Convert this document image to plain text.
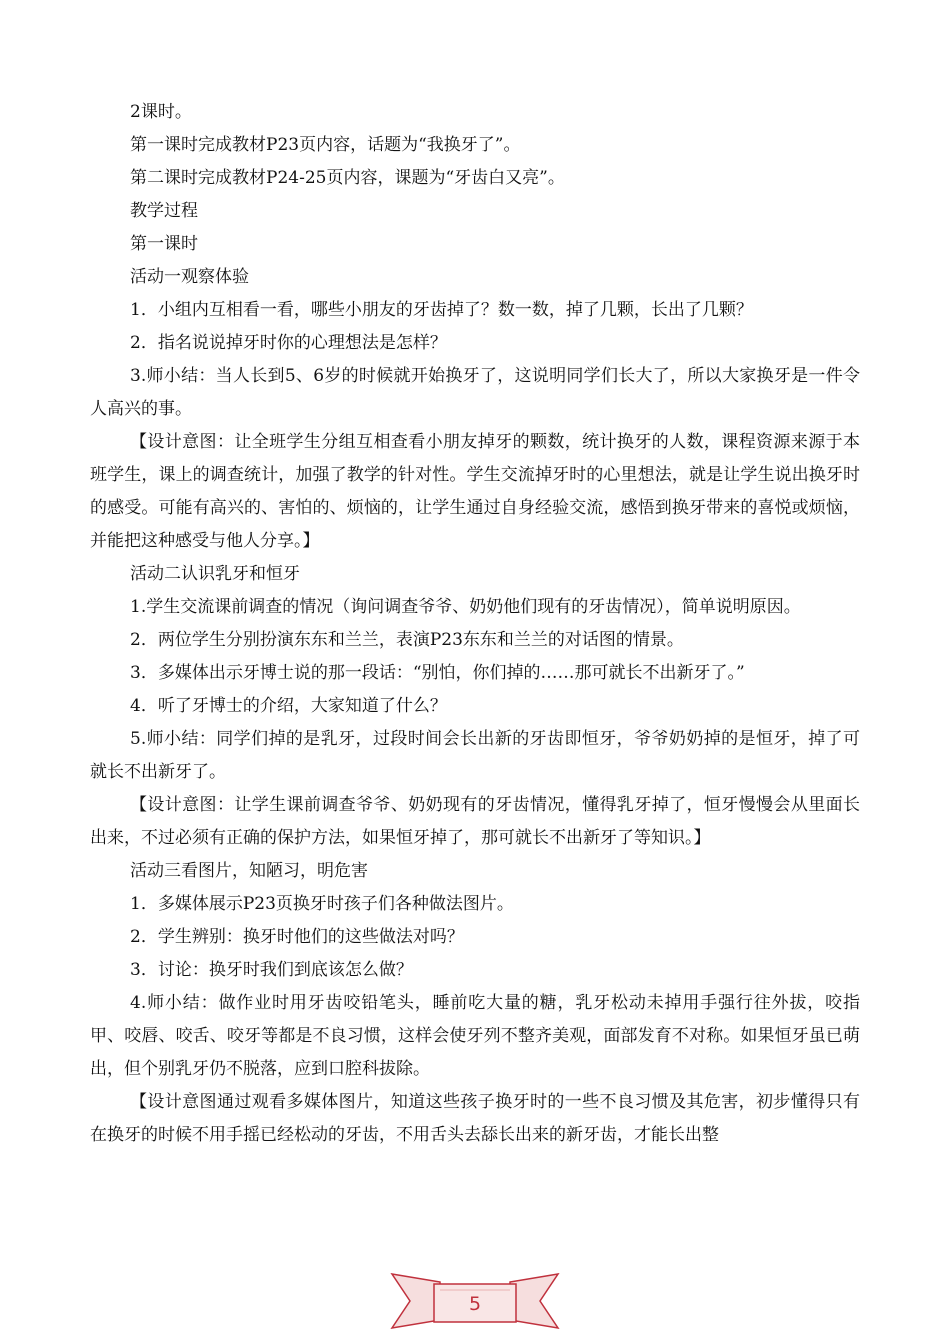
2课时。

第一课时完成教材P23页内容，话题为“我换牙了”。

第二课时完成教材P24-25页内容，课题为“牙齿白又亮”。

教学过程

第一课时

活动一观察体验

1．小组内互相看一看，哪些小朋友的牙齿掉了？数一数，掉了几颗，长出了几颗？

2．指名说说掉牙时你的心理想法是怎样？

3.师小结：当人长到5、6岁的时候就开始换牙了，这说明同学们长大了，所以大家换牙是一件令人高兴的事。

【设计意图：让全班学生分组互相查看小朋友掉牙的颗数，统计换牙的人数，课程资源来源于本班学生，课上的调查统计，加强了教学的针对性。学生交流掉牙时的心里想法，就是让学生说出换牙时的感受。可能有高兴的、害怕的、烦恼的，让学生通过自身经验交流，感悟到换牙带来的喜悦或烦恼，并能把这种感受与他人分享。】

活动二认识乳牙和恒牙

1.学生交流课前调查的情况（询问调查爷爷、奶奶他们现有的牙齿情况），简单说明原因。

2．两位学生分别扮演东东和兰兰，表演P23东东和兰兰的对话图的情景。

3．多媒体出示牙博士说的那一段话：“别怕，你们掉的……那可就长不出新牙了。”

4．听了牙博士的介绍，大家知道了什么？

5.师小结：同学们掉的是乳牙，过段时间会长出新的牙齿即恒牙，爷爷奶奶掉的是恒牙，掉了可就长不出新牙了。

【设计意图：让学生课前调查爷爷、奶奶现有的牙齿情况，懂得乳牙掉了，恒牙慢慢会从里面长出来，不过必须有正确的保护方法，如果恒牙掉了，那可就长不出新牙了等知识。】

活动三看图片，知陋习，明危害

1．多媒体展示P23页换牙时孩子们各种做法图片。

2．学生辨别：换牙时他们的这些做法对吗？

3．讨论：换牙时我们到底该怎么做？

4.师小结：做作业时用牙齿咬铅笔头，睡前吃大量的糖，乳牙松动未掉用手强行往外拔，咬指甲、咬唇、咬舌、咬牙等都是不良习惯，这样会使牙列不整齐美观，面部发育不对称。如果恒牙虽已萌出，但个别乳牙仍不脱落，应到口腔科拔除。

【设计意图通过观看多媒体图片，知道这些孩子换牙时的一些不良习惯及其危害，初步懂得只有在换牙的时候不用手摇已经松动的牙齿，不用舌头去舔长出来的新牙齿，才能长出整

5
